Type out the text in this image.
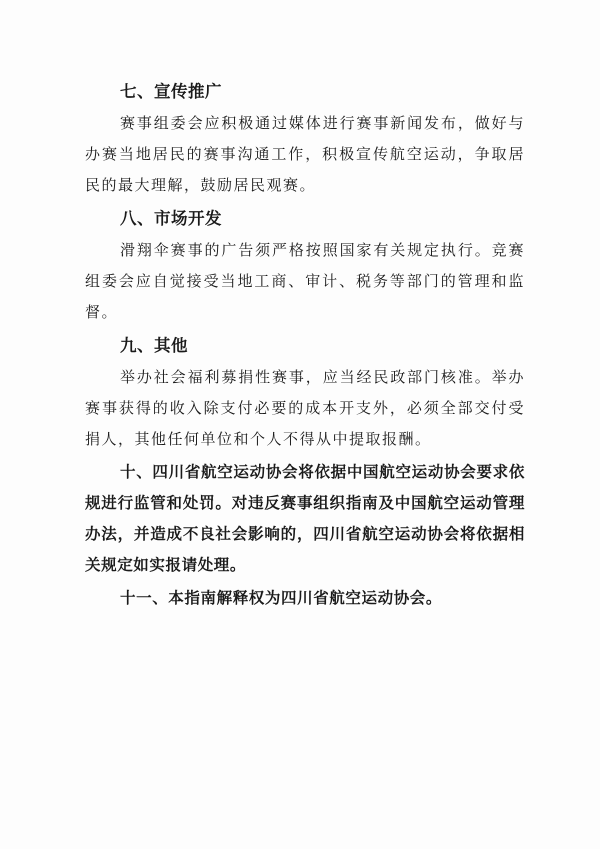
七、宣传推广

赛事组委会应积极通过媒体进行赛事新闻发布，做好与办赛当地居民的赛事沟通工作，积极宣传航空运动，争取居民的最大理解，鼓励居民观赛。

八、市场开发

滑翔伞赛事的广告须严格按照国家有关规定执行。竞赛组委会应自觉接受当地工商、审计、税务等部门的管理和监督。

九、其他

举办社会福利募捐性赛事，应当经民政部门核准。举办赛事获得的收入除支付必要的成本开支外，必须全部交付受捐人，其他任何单位和个人不得从中提取报酬。

十、四川省航空运动协会将依据中国航空运动协会要求依规进行监管和处罚。对违反赛事组织指南及中国航空运动管理办法，并造成不良社会影响的，四川省航空运动协会将依据相关规定如实报请处理。

十一、本指南解释权为四川省航空运动协会。
